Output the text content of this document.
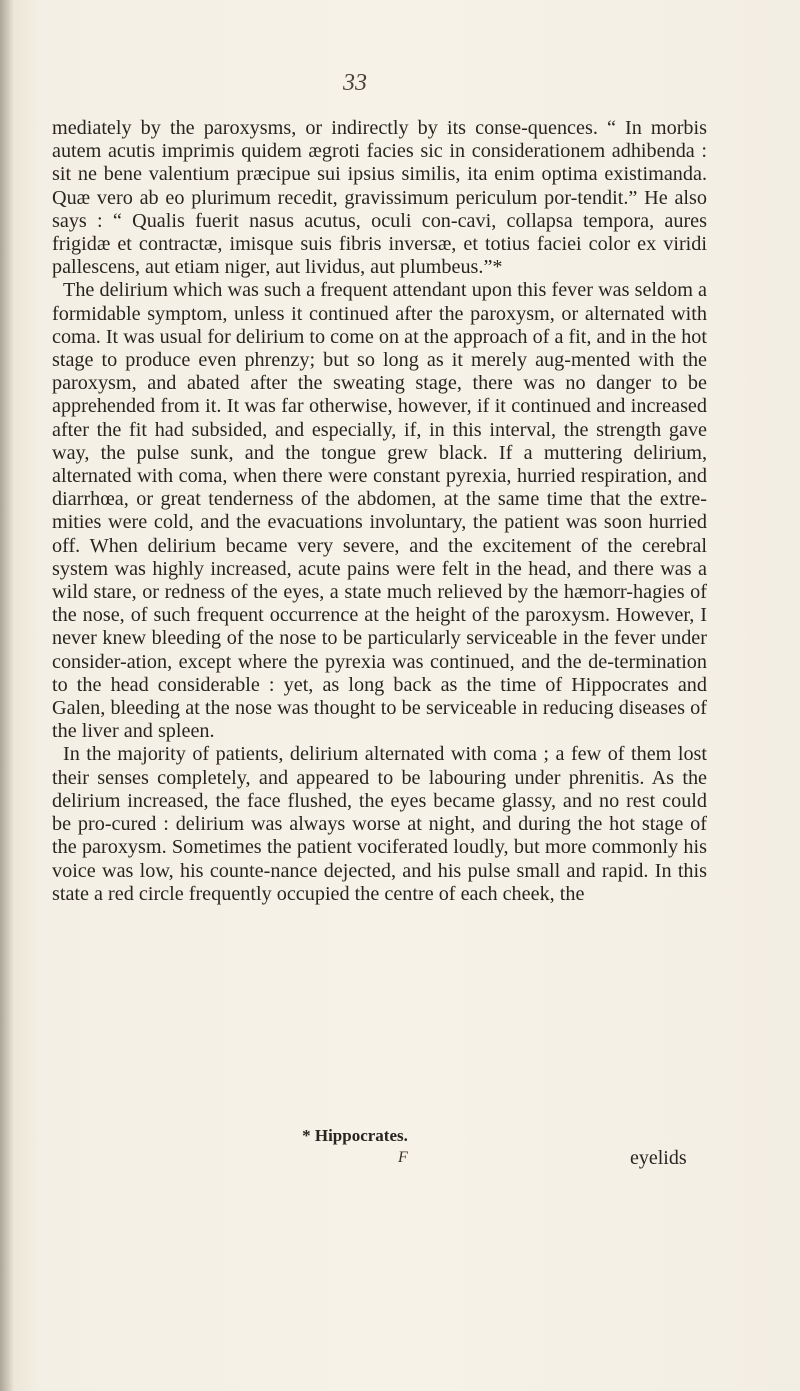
33

mediately by the paroxysms, or indirectly by its conse-quences. “ In morbis autem acutis imprimis quidem ægroti facies sic in considerationem adhibenda : sit ne bene valentium præcipue sui ipsius similis, ita enim optima existimanda. Quæ vero ab eo plurimum recedit, gravissimum periculum por-tendit.” He also says : “ Qualis fuerit nasus acutus, oculi con-cavi, collapsa tempora, aures frigidæ et contractæ, imisque suis fibris inversæ, et totius faciei color ex viridi pallescens, aut etiam niger, aut lividus, aut plumbeus.”*

The delirium which was such a frequent attendant upon this fever was seldom a formidable symptom, unless it continued after the paroxysm, or alternated with coma. It was usual for delirium to come on at the approach of a fit, and in the hot stage to produce even phrenzy; but so long as it merely aug-mented with the paroxysm, and abated after the sweating stage, there was no danger to be apprehended from it. It was far otherwise, however, if it continued and increased after the fit had subsided, and especially, if, in this interval, the strength gave way, the pulse sunk, and the tongue grew black. If a muttering delirium, alternated with coma, when there were constant pyrexia, hurried respiration, and diarrhœa, or great tenderness of the abdomen, at the same time that the extre-mities were cold, and the evacuations involuntary, the patient was soon hurried off. When delirium became very severe, and the excitement of the cerebral system was highly increased, acute pains were felt in the head, and there was a wild stare, or redness of the eyes, a state much relieved by the hæmorr-hagies of the nose, of such frequent occurrence at the height of the paroxysm. However, I never knew bleeding of the nose to be particularly serviceable in the fever under consider-ation, except where the pyrexia was continued, and the de-termination to the head considerable : yet, as long back as the time of Hippocrates and Galen, bleeding at the nose was thought to be serviceable in reducing diseases of the liver and spleen.

In the majority of patients, delirium alternated with coma ; a few of them lost their senses completely, and appeared to be labouring under phrenitis. As the delirium increased, the face flushed, the eyes became glassy, and no rest could be pro-cured : delirium was always worse at night, and during the hot stage of the paroxysm. Sometimes the patient vociferated loudly, but more commonly his voice was low, his counte-nance dejected, and his pulse small and rapid. In this state a red circle frequently occupied the centre of each cheek, the

* Hippocrates.
F	eyelids
